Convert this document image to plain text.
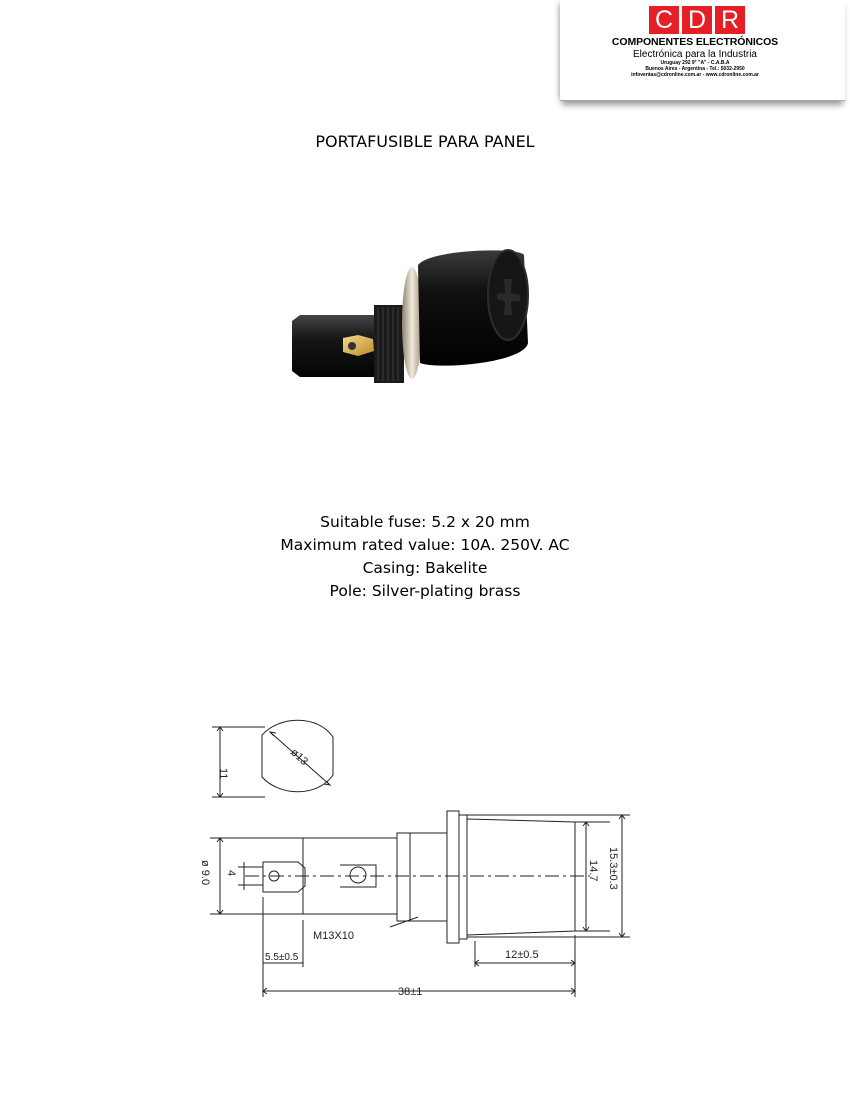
C D R
COMPONENTES ELECTRÓNICOS
Electrónica para la Industria
Uruguay 292 9° "A" - C.A.B.A
Buenos Aires - Argentina - Tel.: 5032-2950
infoventas@cdronline.com.ar - www.cdronline.com.ar
PORTAFUSIBLE PARA PANEL
Suitable fuse: 5.2 x 20 mm
Maximum rated value: 10A. 250V. AC
Casing: Bakelite
Pole: Silver-plating brass
11
ø13
ø 9.0 4	14.7 15.3±0.3
M13X10
5.5±0.5	12±0.5
38±1
